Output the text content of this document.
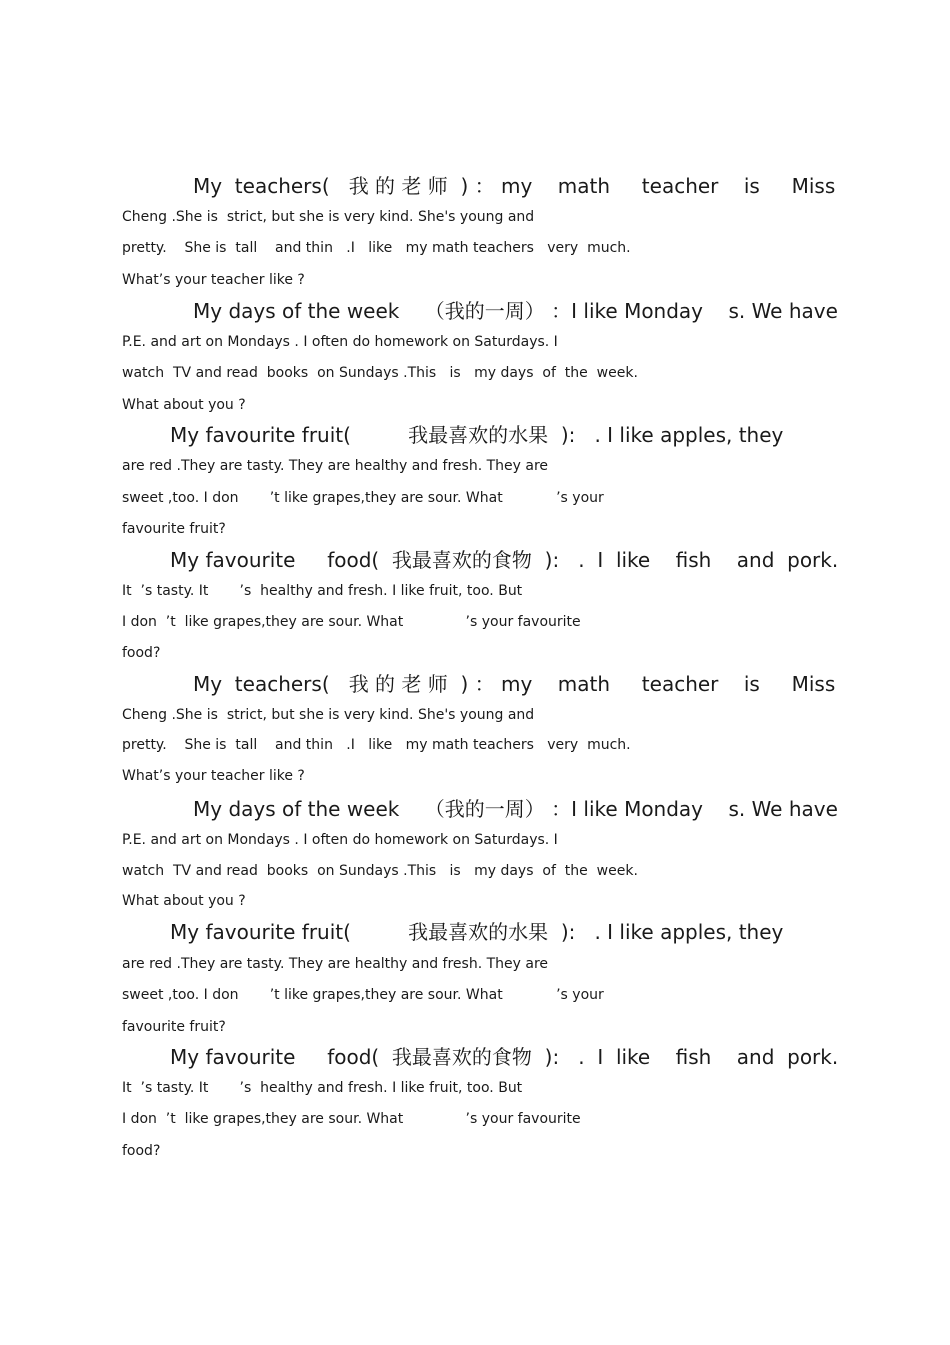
My  teachers(   我 的 老 师  ) ： my    math     teacher    is     Miss
Cheng .She is  strict, but she is very kind. She's young and
pretty.    She is  tall    and thin   .I   like   my math teachers   very  much.
What’s your teacher like ?
My days of the week    （我的一周） ：I like Monday    s. We have
P.E. and art on Mondays . I often do homework on Saturdays. I
watch  TV and read  books  on Sundays .This   is   my days  of  the  week.
What about you ?
My favourite fruit(         我最喜欢的水果  ):   . I like apples, they
are red .They are tasty. They are healthy and fresh. They are
sweet ,too. I don       ’t like grapes,they are sour. What            ’s your
favourite fruit?
My favourite     food(  我最喜欢的食物  ):   .  I  like    fish    and  pork.
It  ’s tasty. It       ’s  healthy and fresh. I like fruit, too. But
I don  ’t  like grapes,they are sour. What              ’s your favourite
food?
My  teachers(   我 的 老 师  ) ： my    math     teacher    is     Miss
Cheng .She is  strict, but she is very kind. She's young and
pretty.    She is  tall    and thin   .I   like   my math teachers   very  much.
What’s your teacher like ?
My days of the week    （我的一周） ：I like Monday    s. We have
P.E. and art on Mondays . I often do homework on Saturdays. I
watch  TV and read  books  on Sundays .This   is   my days  of  the  week.
What about you ?
My favourite fruit(         我最喜欢的水果  ):   . I like apples, they
are red .They are tasty. They are healthy and fresh. They are
sweet ,too. I don       ’t like grapes,they are sour. What            ’s your
favourite fruit?
My favourite     food(  我最喜欢的食物  ):   .  I  like    fish    and  pork.
It  ’s tasty. It       ’s  healthy and fresh. I like fruit, too. But
I don  ’t  like grapes,they are sour. What              ’s your favourite
food?
